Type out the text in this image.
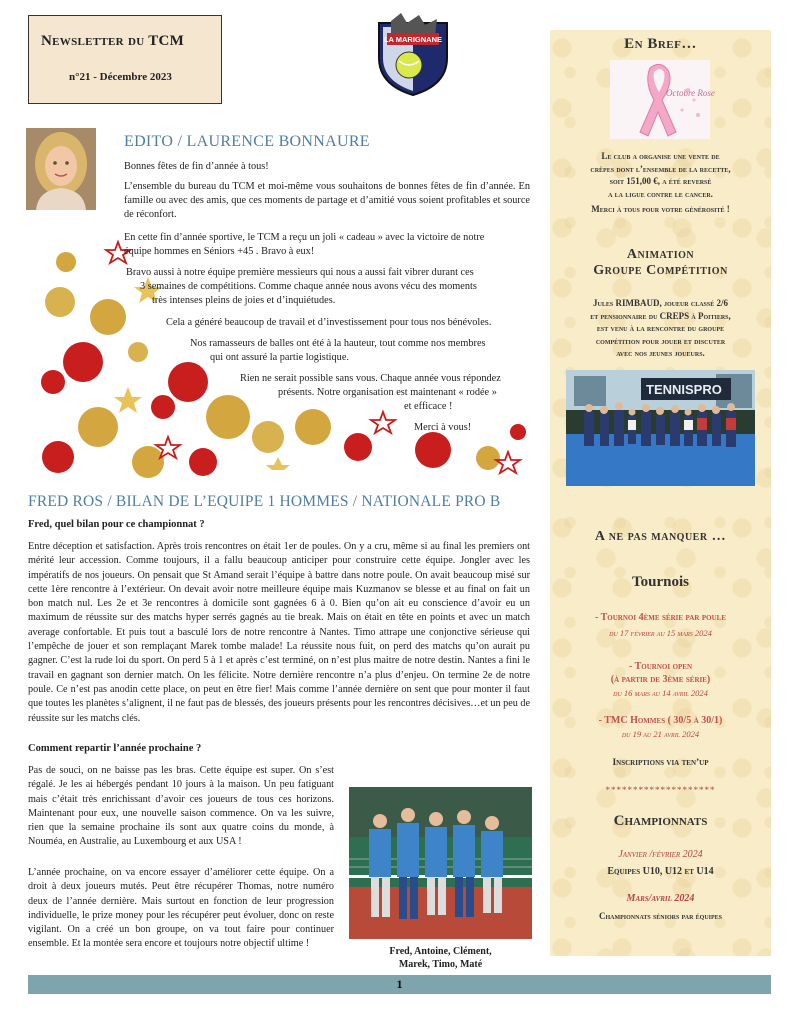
Newsletter du TCM
n°21 - Décembre 2023
LA MARIGNANE	En Bref…
Octobre Rose
Le club a organise une vente de
crêpes dont l’ensemble de la recette,
soit 151,00 €, a été reversé
a la ligue contre le cancer.
Merci à tous pour votre générosité !
Animation
Groupe Compétition
Jules RIMBAUD, joueur classé 2/6
et pensionnaire du CREPS à Poitiers,
est venu à la rencontre du groupe
compétition pour jouer et discuter
avec nos jeunes joueurs.
TENNISPRO
A ne pas manquer …
Tournois
- Tournoi 4ème série par poule
du 17 février au 15 mars 2024
- Tournoi open
(à partir de 3ème série)
du 16 mars au 14 avril 2024
- TMC Hommes ( 30/5 à 30/1)
du 19 au 21 avril 2024
Inscriptions via ten’up
********************
Championnats
Janvier /février 2024
Equipes U10, U12 et U14
Mars/avril 2024
Championnats séniors par équipes
EDITO / LAURENCE BONNAURE
Bonnes fêtes de fin d’année à tous!
L’ensemble du bureau du TCM et moi-même vous souhaitons de bonnes fêtes de fin d’année. En famille ou avec des amis, que ces moments de partage et d’amitié vous soient profitables et source de réconfort.
En cette fin d’année sportive, le TCM a reçu un joli « cadeau » avec la victoire de notre
équipe hommes en Séniors +45 . Bravo à eux!
Bravo aussi à notre équipe première messieurs qui nous a aussi fait vibrer durant ces
3 semaines de compétitions. Comme chaque année nous avons vécu des moments
très intenses pleins de joies et d’inquiétudes.
Cela a généré beaucoup de travail et d’investissement pour tous nos bénévoles.
Nos ramasseurs de balles ont été à la hauteur, tout comme nos membres
qui ont assuré la partie logistique.
Rien ne serait possible sans vous. Chaque année vous répondez
présents. Notre organisation est maintenant « rodée »
et efficace !
Merci à vous!
FRED ROS / BILAN DE L’EQUIPE 1 HOMMES / NATIONALE PRO B
Fred, quel bilan pour ce championnat ?
Entre déception et satisfaction. Après trois rencontres on était 1er de poules. On y a cru, même si au final les premiers ont mérité leur accession. Comme toujours, il a fallu beaucoup anticiper pour construire cette équipe. Jongler avec les impératifs de nos joueurs. On pensait que St Amand serait l’équipe à battre dans notre poule. On avait beaucoup misé sur cette 1ère rencontre à l’extérieur. On devait avoir notre meilleure équipe mais Kuzmanov se blesse et au final on fait un bon match nul. Les 2e et 3e rencontres à domicile sont gagnées 6 à 0. Bien qu’on ait eu conscience d’avoir eu un maximum de réussite sur des matchs hyper serrés gagnés au tie break. Mais on était en tête en points et avec un match average confortable. Et puis tout a basculé lors de notre rencontre à Nantes. Timo attrape une conjonctive sérieuse qui l’empêche de jouer et son remplaçant Marek tombe malade! La réussite nous fuit, on perd des matchs qu’on aurait pu gagner. C’est la rude loi du sport. On perd 5 à 1 et après c’est terminé, on n’est plus maitre de notre destin. Nantes a fini le travail en gagnant son dernier match. On les félicite. Notre dernière rencontre n’a plus d’enjeu. On termine 2e de notre poule. Ce n’est pas anodin cette place, on peut en être fier! Mais comme l’année dernière on sent que pour monter il faut que toutes les planètes s’alignent, il ne faut pas de blessés, des joueurs présents pour les rencontres décisives…et un peu de réussite sur les matchs clés.
Comment repartir l’année prochaine ?
Pas de souci, on ne baisse pas les bras. Cette équipe est super. On s’est régalé. Je les ai hébergés pendant 10 jours à la maison. Un peu fatiguant mais c’était très enrichissant d’avoir ces joueurs de tous ces horizons. Maintenant pour eux, une nouvelle saison commence. On va les suivre, rien que la semaine prochaine ils sont aux quatre coins du monde, à Nouméa, en Australie, au Luxembourg et aux USA !
L’année prochaine, on va encore essayer d’améliorer cette équipe. On a droit à deux joueurs mutés. Peut être récupérer Thomas, notre numéro deux de l’année dernière. Mais surtout en fonction de leur progression individuelle, le prize money pour les récupérer peut évoluer, donc on reste vigilant. On a créé un bon groupe, on va tout faire pour continuer ensemble. Et la montée sera encore et toujours notre objectif ultime !
Fred, Antoine, Clément,
Marek, Timo, Maté
1
